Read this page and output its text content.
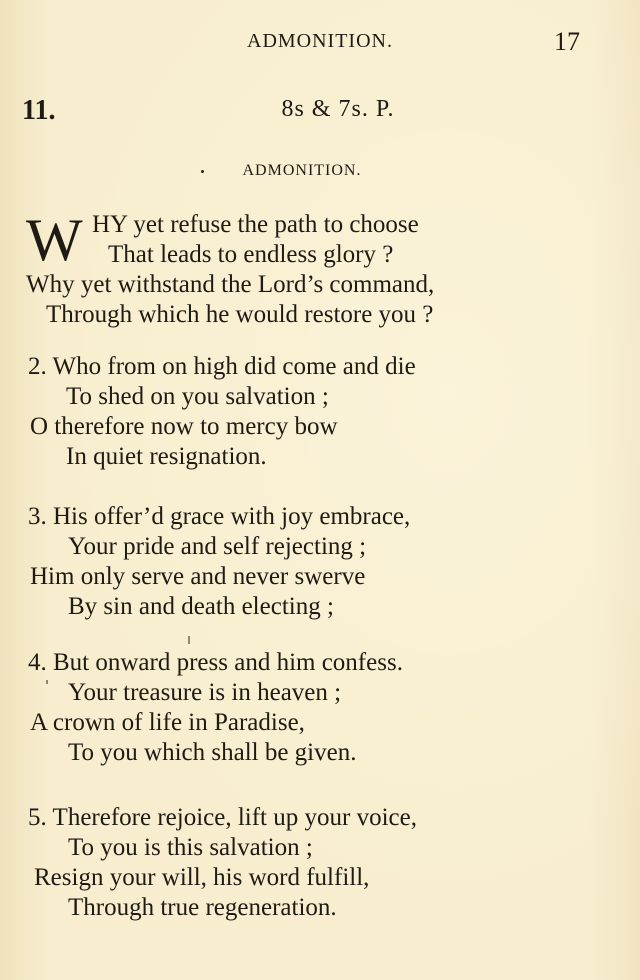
ADMONITION.	17
11.	8s & 7s. P.
ADMONITION.
W HY yet refuse the path to choose
That leads to endless glory ?
Why yet withstand the Lord’s command,
Through which he would restore you ?
2. Who from on high did come and die
To shed on you salvation ;
O therefore now to mercy bow
In quiet resignation.
3. His offer’d grace with joy embrace,
Your pride and self rejecting ;
Him only serve and never swerve
By sin and death electing ;
4. But onward press and him confess.
Your treasure is in heaven ;
A crown of life in Paradise,
To you which shall be given.
5. Therefore rejoice, lift up your voice,
To you is this salvation ;
Resign your will, his word fulfill,
Through true regeneration.
